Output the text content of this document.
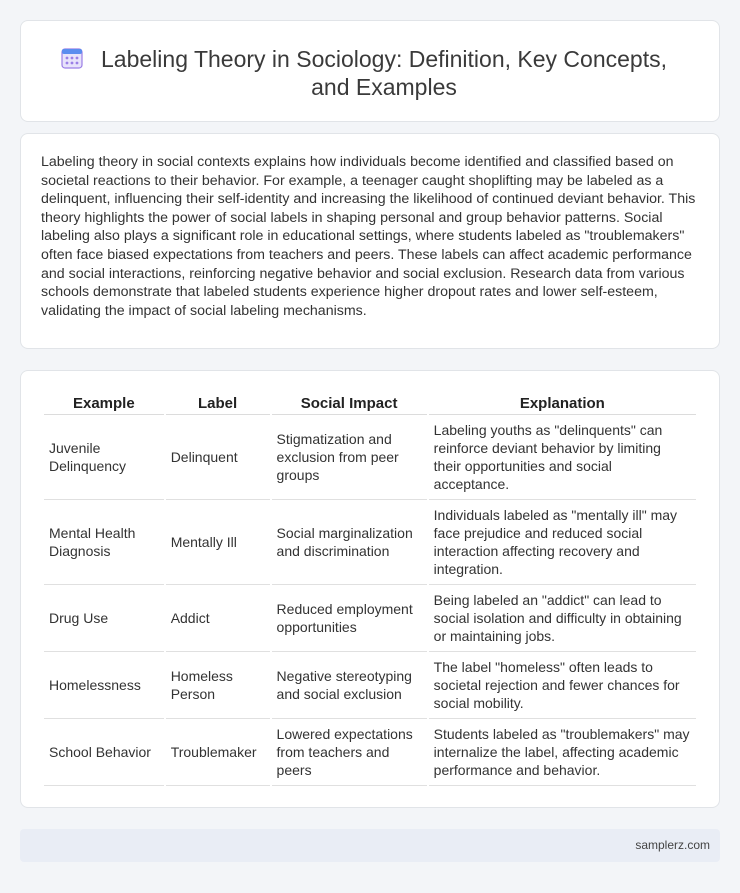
Labeling Theory in Sociology: Definition, Key Concepts, and Examples

Labeling theory in social contexts explains how individuals become identified and classified based on societal reactions to their behavior. For example, a teenager caught shoplifting may be labeled as a delinquent, influencing their self-identity and increasing the likelihood of continued deviant behavior. This theory highlights the power of social labels in shaping personal and group behavior patterns. Social labeling also plays a significant role in educational settings, where students labeled as "troublemakers" often face biased expectations from teachers and peers. These labels can affect academic performance and social interactions, reinforcing negative behavior and social exclusion. Research data from various schools demonstrate that labeled students experience higher dropout rates and lower self-esteem, validating the impact of social labeling mechanisms.

Example	Label	Social Impact	Explanation
Juvenile Delinquency	Delinquent	Stigmatization and exclusion from peer groups	Labeling youths as "delinquents" can reinforce deviant behavior by limiting their opportunities and social acceptance.
Mental Health Diagnosis	Mentally Ill	Social marginalization and discrimination	Individuals labeled as "mentally ill" may face prejudice and reduced social interaction affecting recovery and integration.
Drug Use	Addict	Reduced employment opportunities	Being labeled an "addict" can lead to social isolation and difficulty in obtaining or maintaining jobs.
Homelessness	Homeless Person	Negative stereotyping and social exclusion	The label "homeless" often leads to societal rejection and fewer chances for social mobility.
School Behavior	Troublemaker	Lowered expectations from teachers and peers	Students labeled as "troublemakers" may internalize the label, affecting academic performance and behavior.
samplerz.com
